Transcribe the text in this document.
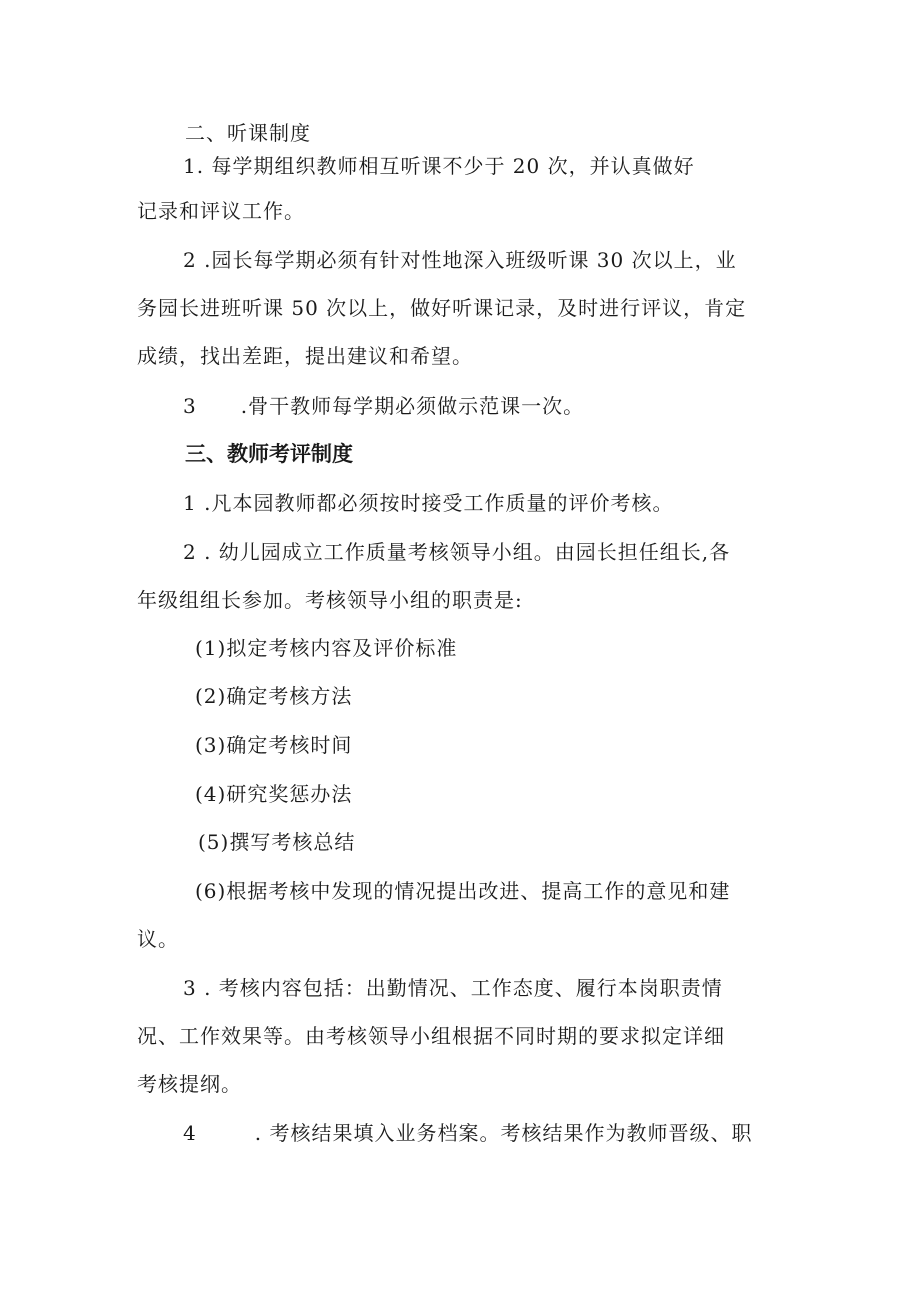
二、听课制度
1. 每学期组织教师相互听课不少于 20 次，并认真做好
记录和评议工作。
2 .园长每学期必须有针对性地深入班级听课 30 次以上，业
务园长进班听课 50 次以上，做好听课记录，及时进行评议，肯定
成绩，找出差距，提出建议和希望。
3 .骨干教师每学期必须做示范课一次。
三、教师考评制度
1 .凡本园教师都必须按时接受工作质量的评价考核。
2 . 幼儿园成立工作质量考核领导小组。由园长担任组长,各
年级组组长参加。考核领导小组的职责是:
(1)拟定考核内容及评价标准
(2)确定考核方法
(3)确定考核时间
(4)研究奖惩办法
(5)撰写考核总结
(6)根据考核中发现的情况提出改进、提高工作的意见和建
议。
3 . 考核内容包括：出勤情况、工作态度、履行本岗职责情
况、工作效果等。由考核领导小组根据不同时期的要求拟定详细
考核提纲。
4	. 考核结果填入业务档案。考核结果作为教师晋级、职
